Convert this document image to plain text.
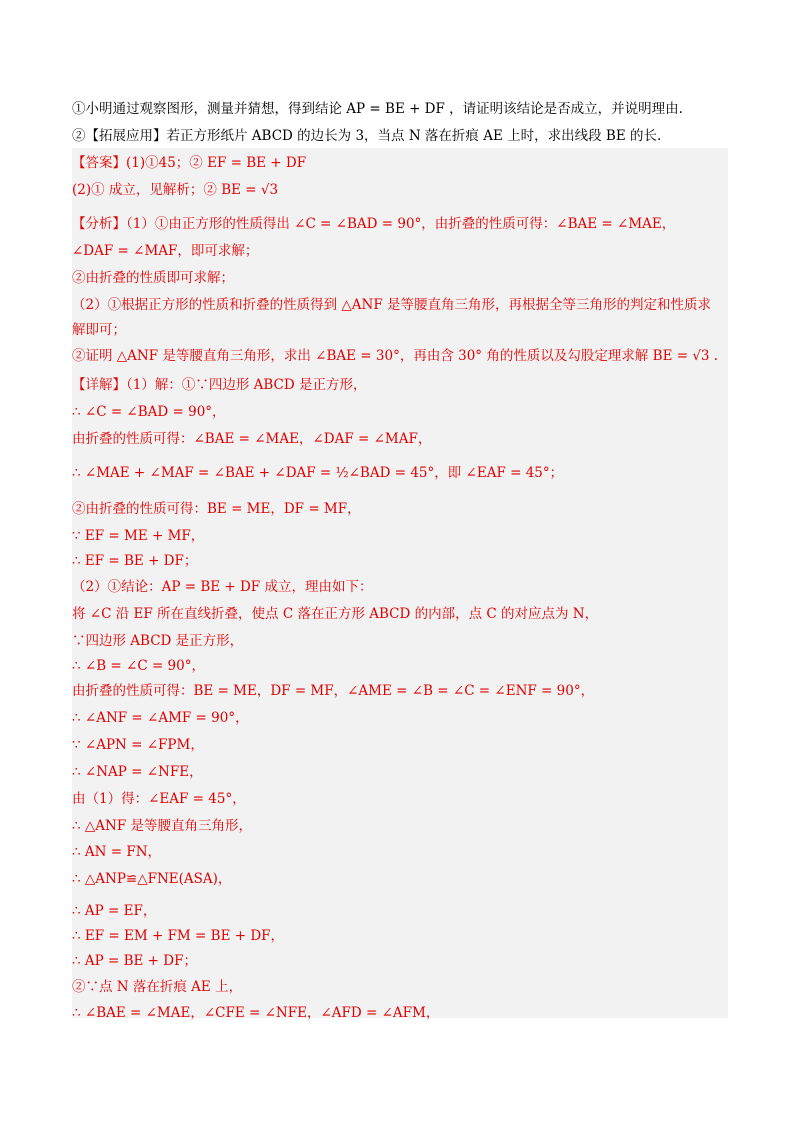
①小明通过观察图形，测量并猜想，得到结论 AP = BE + DF ，请证明该结论是否成立，并说明理由.
②【拓展应用】若正方形纸片 ABCD 的边长为 3，当点 N 落在折痕 AE 上时，求出线段 BE 的长.
【答案】(1)①45；② EF = BE + DF
(2)① 成立，见解析；② BE = √3
【分析】（1）①由正方形的性质得出 ∠C = ∠BAD = 90°，由折叠的性质可得：∠BAE = ∠MAE，
∠DAF = ∠MAF，即可求解；
②由折叠的性质即可求解；
（2）①根据正方形的性质和折叠的性质得到 △ANF 是等腰直角三角形，再根据全等三角形的判定和性质求
解即可；
②证明 △ANF 是等腰直角三角形，求出 ∠BAE = 30°，再由含 30° 角的性质以及勾股定理求解 BE = √3 .
【详解】（1）解：①∵四边形 ABCD 是正方形，
∴ ∠C = ∠BAD = 90°，
由折叠的性质可得：∠BAE = ∠MAE，∠DAF = ∠MAF，
∴ ∠MAE + ∠MAF = ∠BAE + ∠DAF = ½∠BAD = 45°，即 ∠EAF = 45°；
②由折叠的性质可得：BE = ME，DF = MF，
∵ EF = ME + MF，
∴ EF = BE + DF；
（2）①结论：AP = BE + DF 成立，理由如下：
将 ∠C 沿 EF 所在直线折叠，使点 C 落在正方形 ABCD 的内部，点 C 的对应点为 N，
∵四边形 ABCD 是正方形，
∴ ∠B = ∠C = 90°，
由折叠的性质可得：BE = ME，DF = MF，∠AME = ∠B = ∠C = ∠ENF = 90°，
∴ ∠ANF = ∠AMF = 90°，
∵ ∠APN = ∠FPM，
∴ ∠NAP = ∠NFE，
由（1）得：∠EAF = 45°，
∴ △ANF 是等腰直角三角形，
∴ AN = FN，
∴ △ANP≌△FNE(ASA)，
∴ AP = EF，
∴ EF = EM + FM = BE + DF，
∴ AP = BE + DF；
②∵点 N 落在折痕 AE 上，
∴ ∠BAE = ∠MAE，∠CFE = ∠NFE，∠AFD = ∠AFM，
